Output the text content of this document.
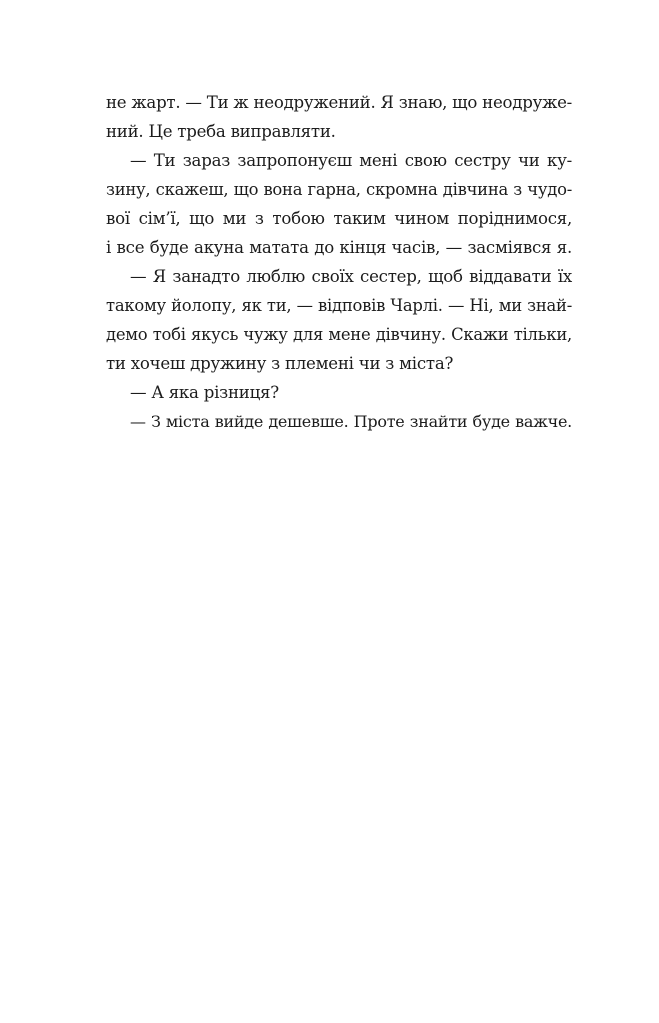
не жарт. — Ти ж неодружений. Я знаю, що неодруже-
ний. Це треба виправляти.
— Ти зараз запропонуєш мені свою сестру чи ку-
зину, скажеш, що вона гарна, скромна дівчина з чудо-
вої сім’ї, що ми з тобою таким чином поріднимося,
і все буде акуна матата до кінця часів, — засміявся я.
— Я занадто люблю своїх сестер, щоб віддавати їх
такому йолопу, як ти, — відповів Чарлі. — Ні, ми знай-
демо тобі якусь чужу для мене дівчину. Скажи тільки,
ти хочеш дружину з племені чи з міста?
— А яка різниця?
— З міста вийде дешевше. Проте знайти буде важче.
